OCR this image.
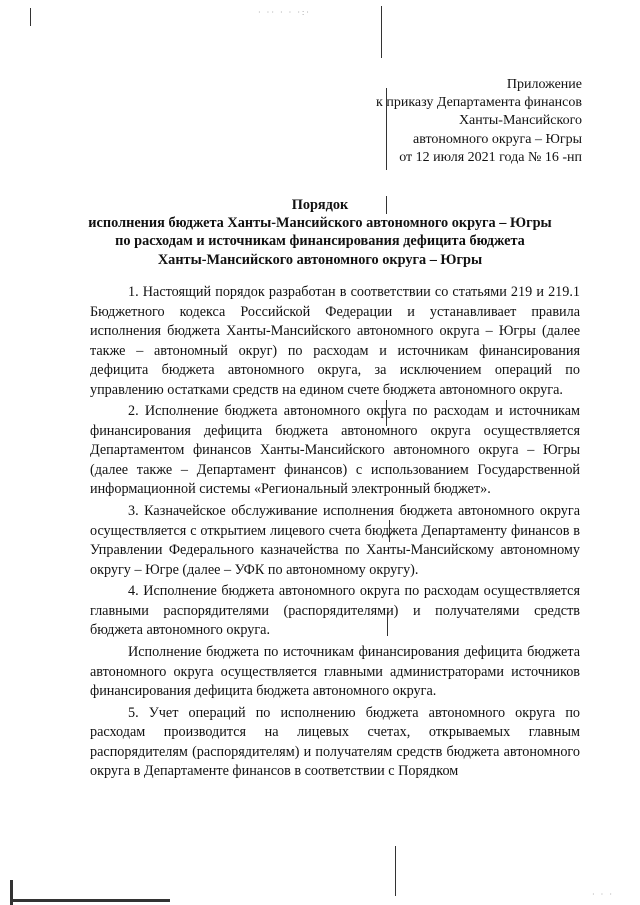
· ·· · · ·:·
· · ·
Приложение
к приказу Департамента финансов
Ханты-Мансийского
автономного округа – Югры
от 12 июля 2021 года № 16 -нп
Порядок
исполнения бюджета Ханты-Мансийского автономного округа – Югры
по расходам и источникам финансирования дефицита бюджета
Ханты-Мансийского автономного округа – Югры

1. Настоящий порядок разработан в соответствии со статьями 219 и 219.1 Бюджетного кодекса Российской Федерации и устанавливает правила исполнения бюджета Ханты-Мансийского автономного округа – Югры (далее также – автономный округ) по расходам и источникам финансирования дефицита бюджета автономного округа, за исключением операций по управлению остатками средств на едином счете бюджета автономного округа.

2. Исполнение бюджета автономного округа по расходам и источникам финансирования дефицита бюджета автономного округа осуществляется Департаментом финансов Ханты-Мансийского автономного округа – Югры (далее также – Департамент финансов) с использованием Государственной информационной системы «Региональный электронный бюджет».

3. Казначейское обслуживание исполнения бюджета автономного округа осуществляется с открытием лицевого счета бюджета Департаменту финансов в Управлении Федерального казначейства по Ханты-Мансийскому автономному округу – Югре (далее – УФК по автономному округу).

4. Исполнение бюджета автономного округа по расходам осуществляется главными распорядителями (распорядителями) и получателями средств бюджета автономного округа.

Исполнение бюджета по источникам финансирования дефицита бюджета автономного округа осуществляется главными администраторами источников финансирования дефицита бюджета автономного округа.

5. Учет операций по исполнению бюджета автономного округа по расходам производится на лицевых счетах, открываемых главным распорядителям (распорядителям) и получателям средств бюджета автономного округа в Департаменте финансов в соответствии с Порядком
